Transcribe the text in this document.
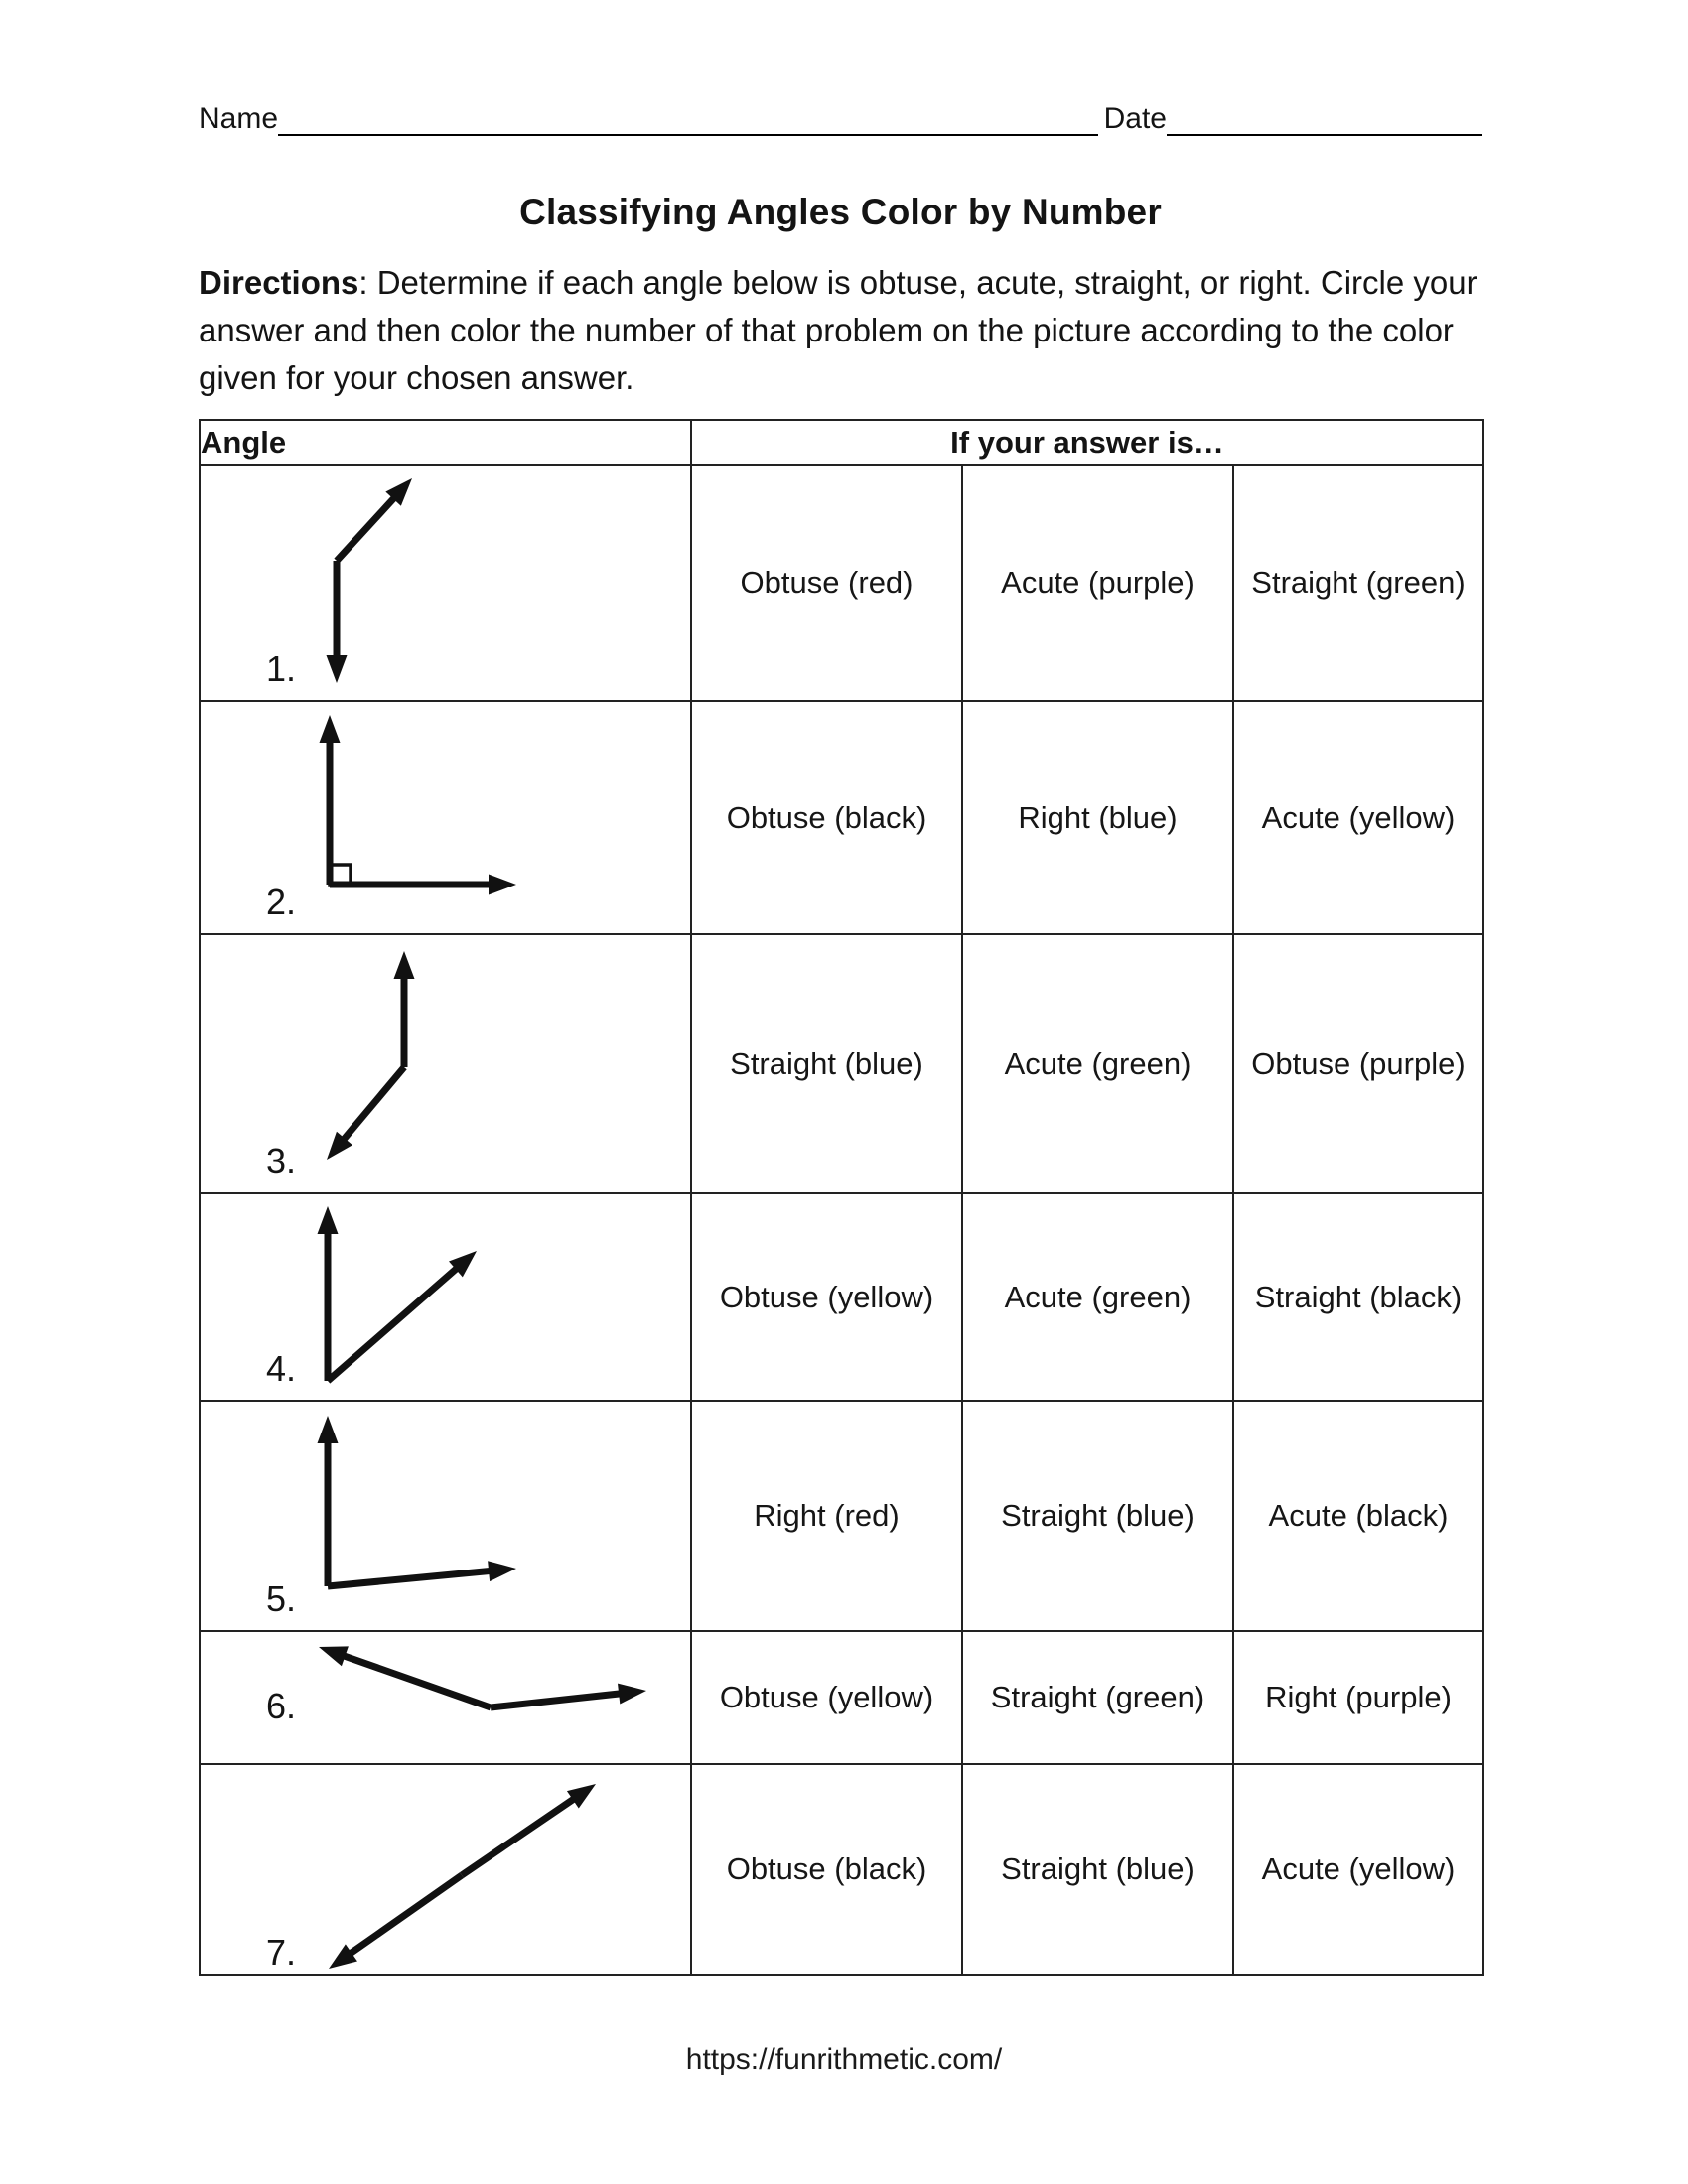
Name	Date
Classifying Angles Color by Number

Directions: Determine if each angle below is obtuse, acute, straight, or right. Circle your

answer and then color the number of that problem on the picture according to the color

given for your chosen answer.

Angle	If your answer is…		

1.	Obtuse (red)	Acute (purple)	Straight (green)

2.	Obtuse (black)	Right (blue)	Acute (yellow)

3.	Straight (blue)	Acute (green)	Obtuse (purple)

4.	Obtuse (yellow)	Acute (green)	Straight (black)

5.	Right (red)	Straight (blue)	Acute (black)

6.	Obtuse (yellow)	Straight (green)	Right (purple)

7.	Obtuse (black)	Straight (blue)	Acute (yellow)
https://funrithmetic.com/
